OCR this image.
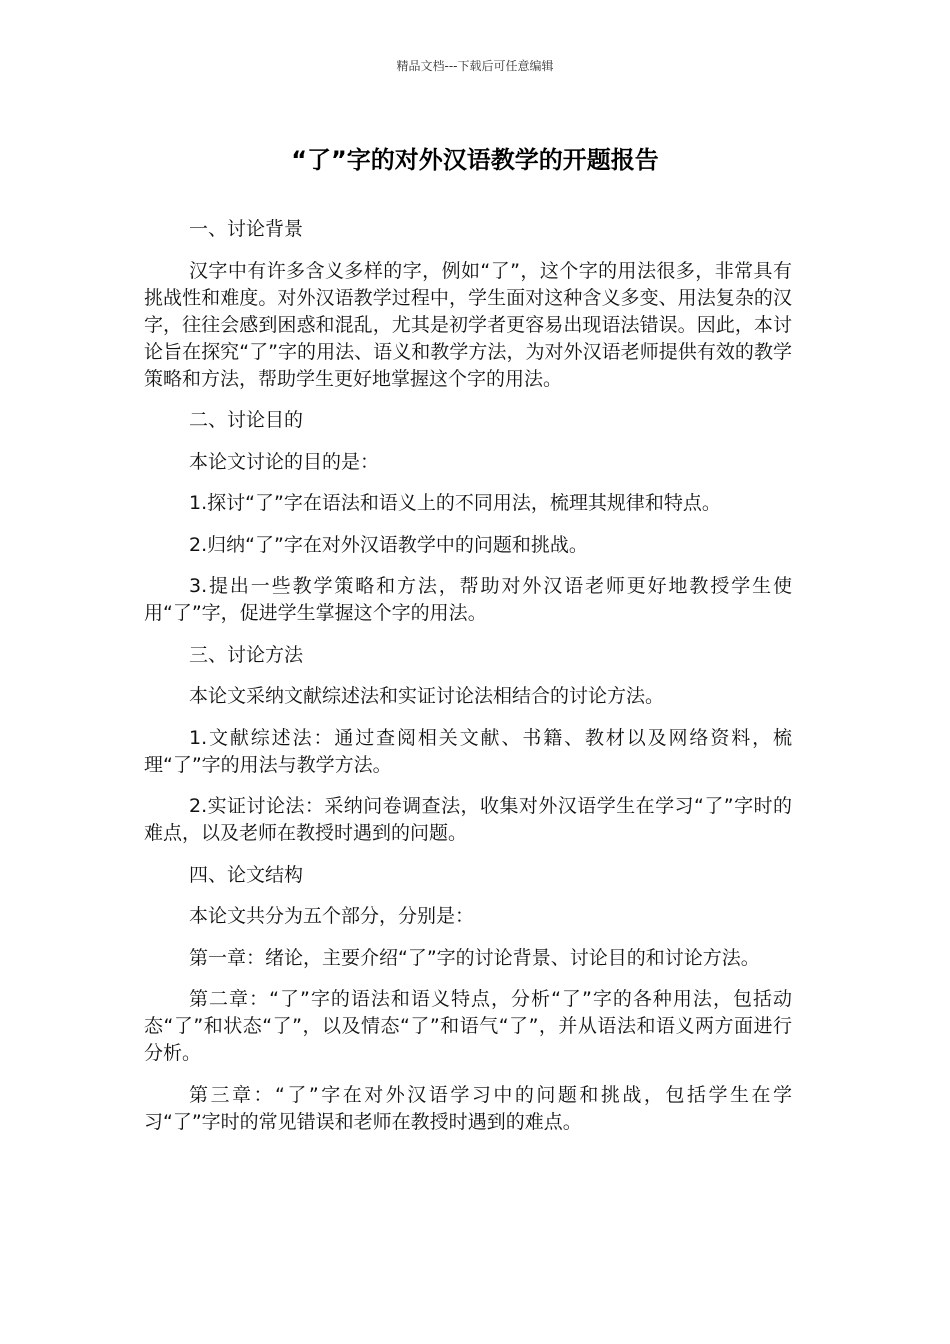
精品文档---下载后可任意编辑
“了”字的对外汉语教学的开题报告

一、讨论背景

汉字中有许多含义多样的字，例如“了”，这个字的用法很多，非常具有挑战性和难度。对外汉语教学过程中，学生面对这种含义多变、用法复杂的汉字，往往会感到困惑和混乱，尤其是初学者更容易出现语法错误。因此，本讨论旨在探究“了”字的用法、语义和教学方法，为对外汉语老师提供有效的教学策略和方法，帮助学生更好地掌握这个字的用法。

二、讨论目的

本论文讨论的目的是：

1.探讨“了”字在语法和语义上的不同用法，梳理其规律和特点。

2.归纳“了”字在对外汉语教学中的问题和挑战。

3.提出一些教学策略和方法，帮助对外汉语老师更好地教授学生使用“了”字，促进学生掌握这个字的用法。

三、讨论方法

本论文采纳文献综述法和实证讨论法相结合的讨论方法。

1.文献综述法：通过查阅相关文献、书籍、教材以及网络资料，梳理“了”字的用法与教学方法。

2.实证讨论法：采纳问卷调查法，收集对外汉语学生在学习“了”字时的难点，以及老师在教授时遇到的问题。

四、论文结构

本论文共分为五个部分，分别是：

第一章：绪论，主要介绍“了”字的讨论背景、讨论目的和讨论方法。

第二章：“了”字的语法和语义特点，分析“了”字的各种用法，包括动态“了”和状态“了”，以及情态“了”和语气“了”，并从语法和语义两方面进行分析。

第三章：“了”字在对外汉语学习中的问题和挑战，包括学生在学习“了”字时的常见错误和老师在教授时遇到的难点。
